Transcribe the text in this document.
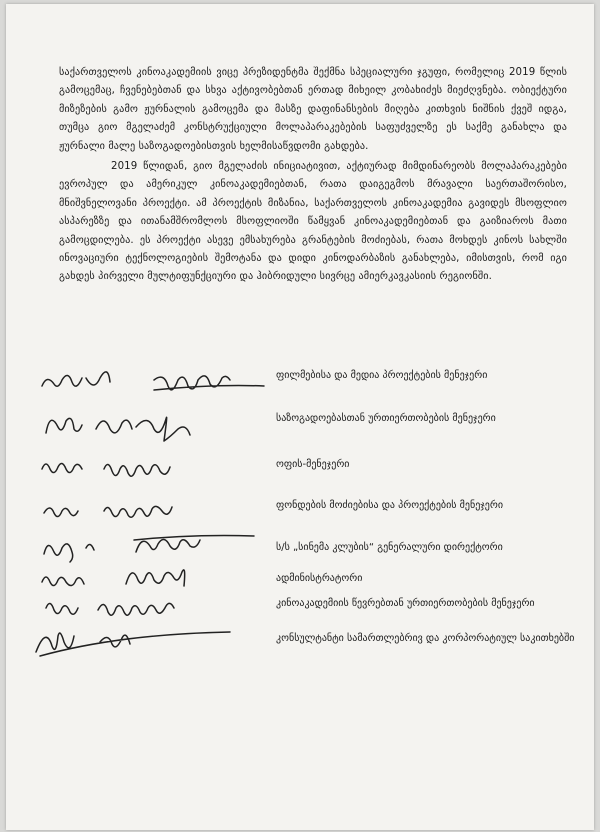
საქართველოს კინოაკადემიის ვიცე პრეზიდენტმა შექმნა სპეციალური ჯგუფი, რომელიც 2019 წლის გამოცემაც, ჩვენებებთან და სხვა აქტივობებთან ერთად მიხეილ კობახიძეს მიეძღვნება. ობიექტური მიზეზების გამო ჟურნალის გამოცემა და მასზე დაფინანსების მიღება კითხვის ნიშნის ქვეშ იდგა, თუმცა გიო მგელაძემ კონსტრუქციული მოლაპარაკებების საფუძველზე ეს საქმე განახლა და ჟურნალი მალე საზოგადოებისთვის ხელმისაწვდომი გახდება.

2019 წლიდან, გიო მგელაძის ინიციატივით, აქტიურად მიმდინარეობს მოლაპარაკებები ევროპულ და ამერიკულ კინოაკადემიებთან, რათა დაიგეგმოს მრავალი საერთაშორისო, მნიშვნელოვანი პროექტი. ამ პროექტის მიზანია, საქართველოს კინოაკადემია გავიდეს მსოფლიო ასპარეზზე და ითანამშრომლოს მსოფლიოში წამყვან კინოაკადემიებთან და გაიზიაროს მათი გამოცდილება. ეს პროექტი ასევე ემსახურება გრანტების მოძიებას, რათა მოხდეს კინოს სახლში ინოვაციური ტექნოლოგიების შემოტანა და დიდი კინოდარბაზის განახლება, იმისთვის, რომ იგი გახდეს პირველი მულტიფუნქციური და ჰიბრიდული სივრცე ამიერკავკასიის რეგიონში.

ფილმებისა და მედია პროექტების მენეჯერი
საზოგადოებასთან ურთიერთობების მენეჯერი
ოფის-მენეჯერი
ფონდების მოძიებისა და პროექტების მენეჯერი
ს/ს „სინემა კლუბის“ გენერალური დირექტორი
ადმინისტრატორი
კინოაკადემიის წევრებთან ურთიერთობების მენეჯერი
კონსულტანტი სამართლებრივ და კორპორატიულ საკითხებში
